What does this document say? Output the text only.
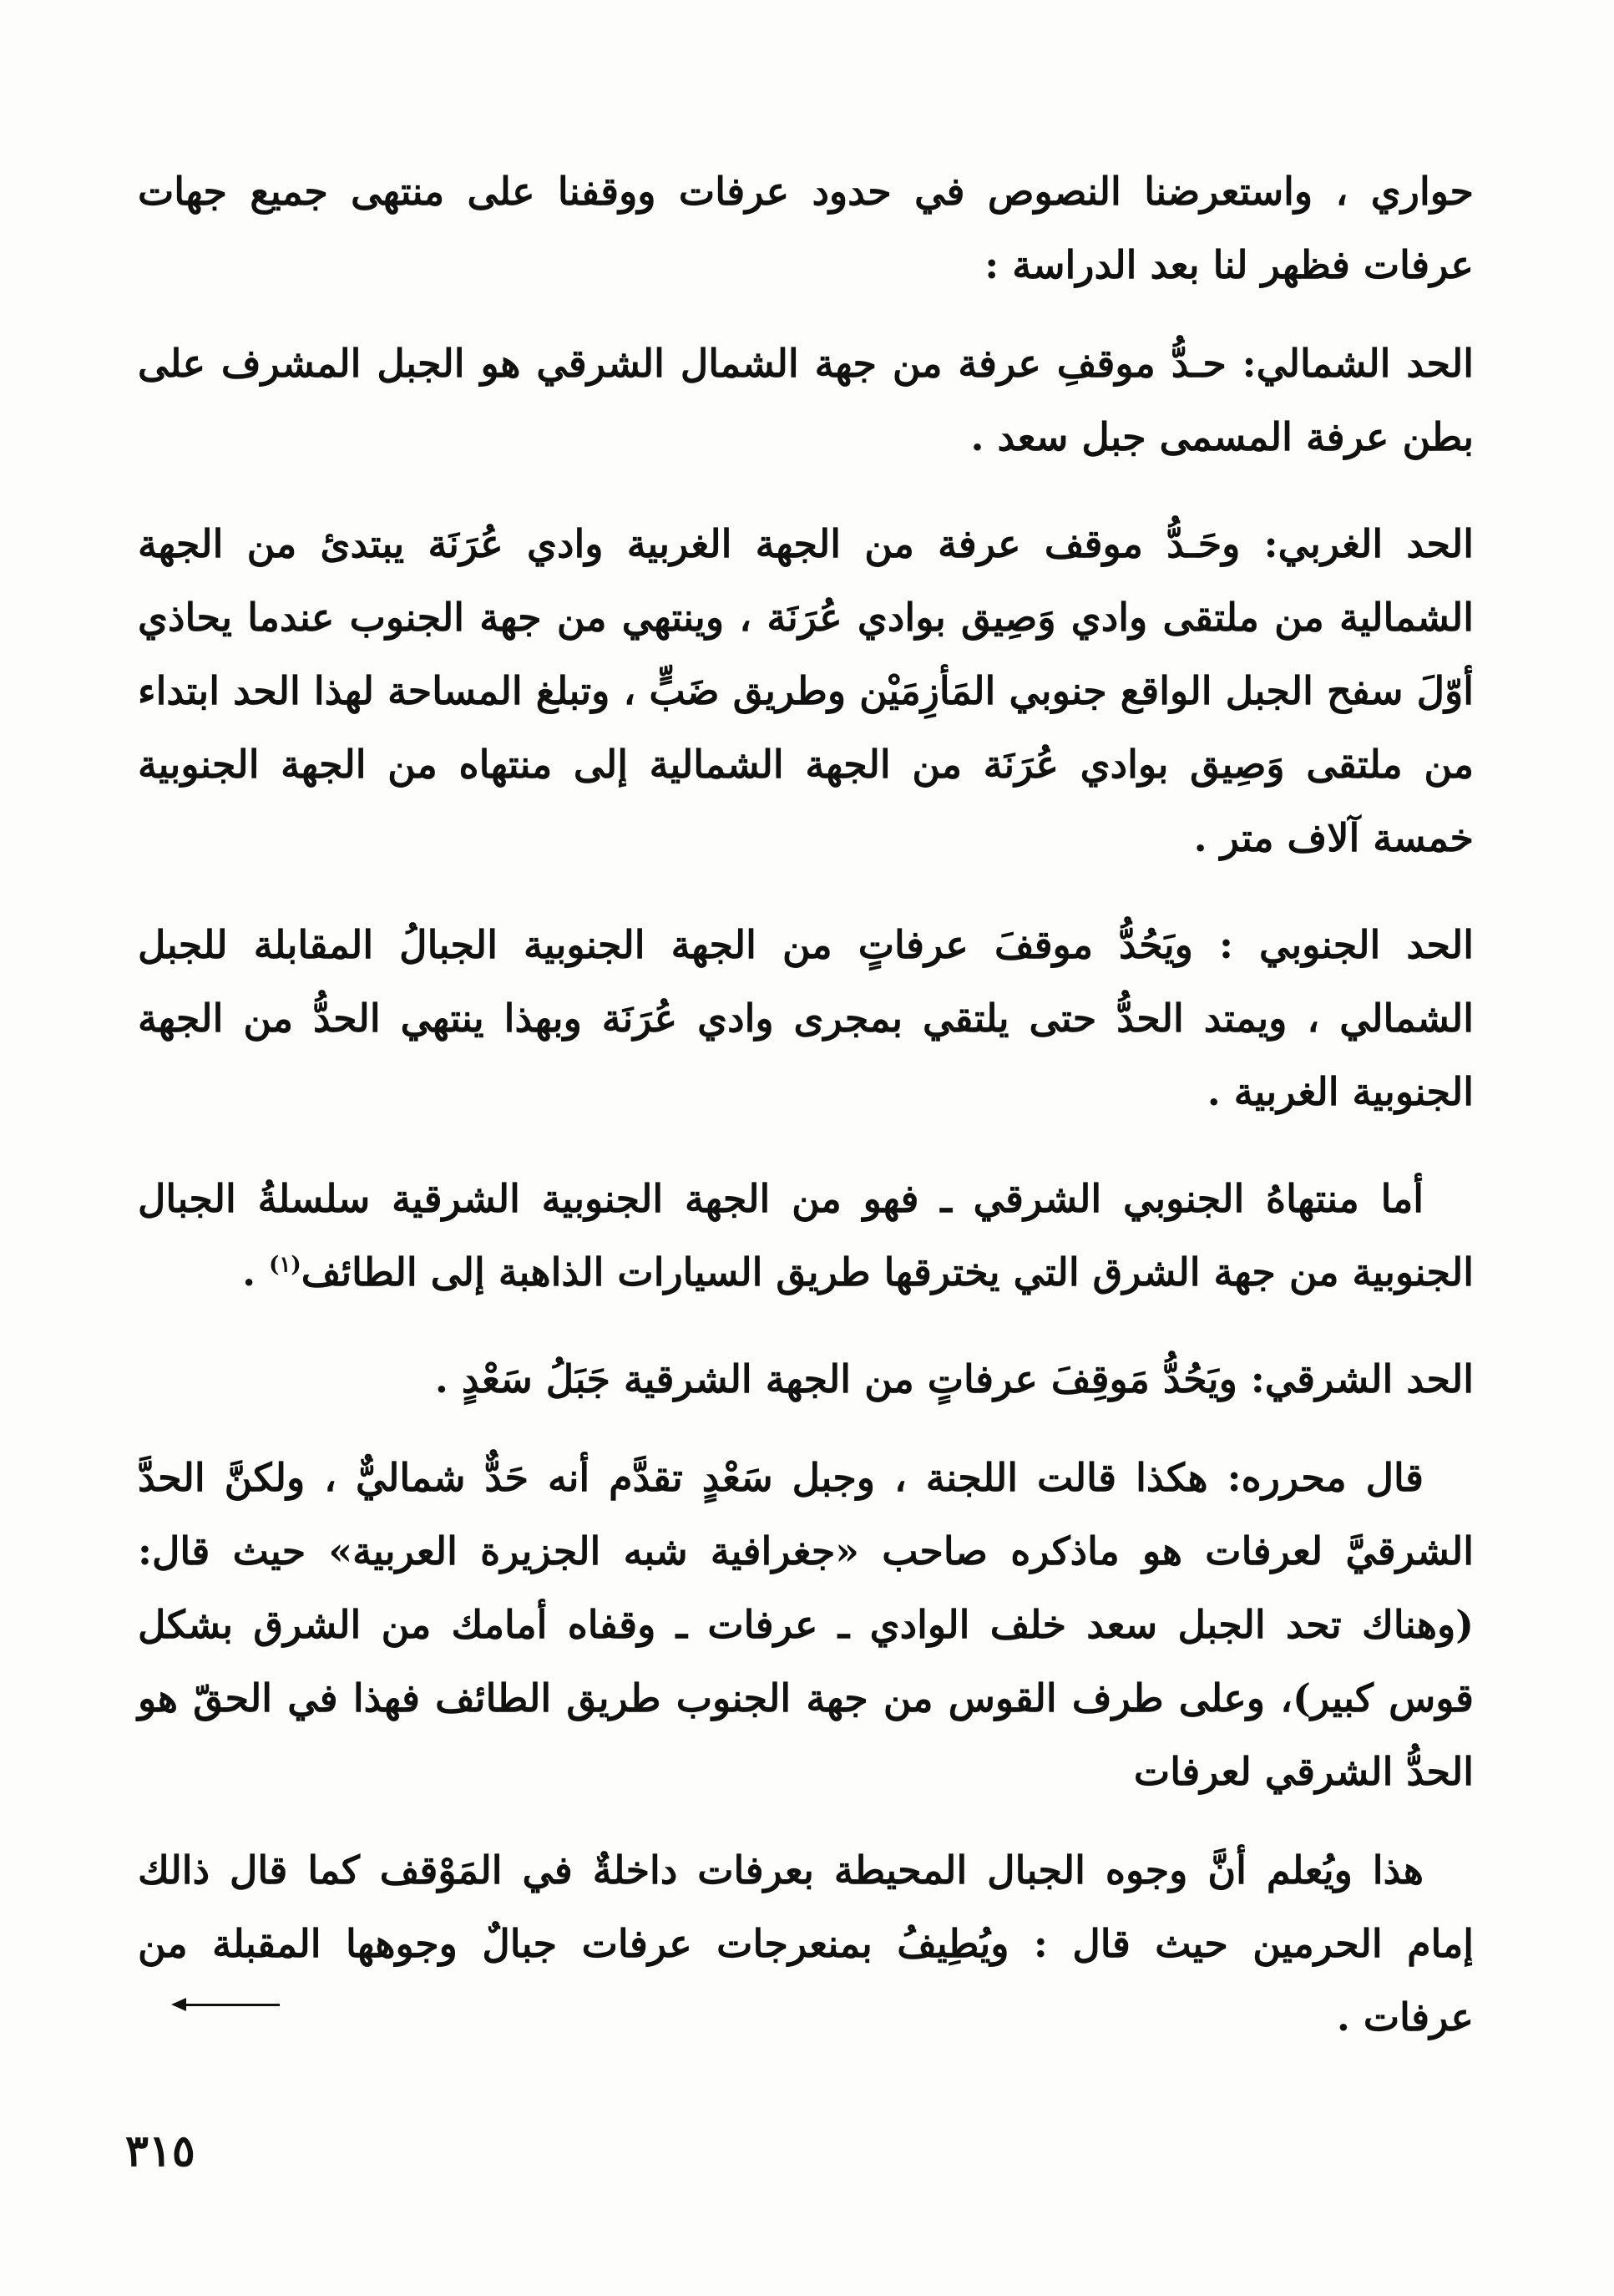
حواري ، واستعرضنا النصوص في حدود عرفات ووقفنا على منتهى جميع جهات عرفات فظهر لنا بعد الدراسة :

الحد الشمالي: حـدُّ موقفِ عرفة من جهة الشمال الشرقي هو الجبل المشرف على بطن عرفة المسمى جبل سعد .

الحد الغربي: وحَـدُّ موقف عرفة من الجهة الغربية وادي عُرَنَة يبتدئ من الجهة الشمالية من ملتقى وادي وَصِيق بوادي عُرَنَة ، وينتهي من جهة الجنوب عندما يحاذي أوّلَ سفح الجبل الواقع جنوبي المَأزِمَيْن وطريق ضَبٍّ ، وتبلغ المساحة لهذا الحد ابتداء من ملتقى وَصِيق بوادي عُرَنَة من الجهة الشمالية إلى منتهاه من الجهة الجنوبية خمسة آلاف متر .

الحد الجنوبي : ويَحُدُّ موقفَ عرفاتٍ من الجهة الجنوبية الجبالُ المقابلة للجبل الشمالي ، ويمتد الحدُّ حتى يلتقي بمجرى وادي عُرَنَة وبهذا ينتهي الحدُّ من الجهة الجنوبية الغربية .

أما منتهاهُ الجنوبي الشرقي ـ فهو من الجهة الجنوبية الشرقية سلسلةُ الجبال الجنوبية من جهة الشرق التي يخترقها طريق السيارات الذاهبة إلى الطائف$^{(١)}$ .

الحد الشرقي: ويَحُدُّ مَوقِفَ عرفاتٍ من الجهة الشرقية جَبَلُ سَعْدٍ .

قال محرره: هكذا قالت اللجنة ، وجبل سَعْدٍ تقدَّم أنه حَدٌّ شماليٌّ ، ولكنَّ الحدَّ الشرقيَّ لعرفات هو ماذكره صاحب «جغرافية شبه الجزيرة العربية» حيث قال: (وهناك تحد الجبل سعد خلف الوادي ـ عرفات ـ وقفاه أمامك من الشرق بشكل قوس كبير)، وعلى طرف القوس من جهة الجنوب طريق الطائف فهذا في الحقّ هو الحدُّ الشرقي لعرفات

هذا ويُعلم أنَّ وجوه الجبال المحيطة بعرفات داخلةٌ في المَوْقف كما قال ذالك إمام الحرمين حيث قال : ويُطِيفُ بمنعرجات عرفات جبالٌ وجوهها المقبلة من عرفات .

٣١٥
